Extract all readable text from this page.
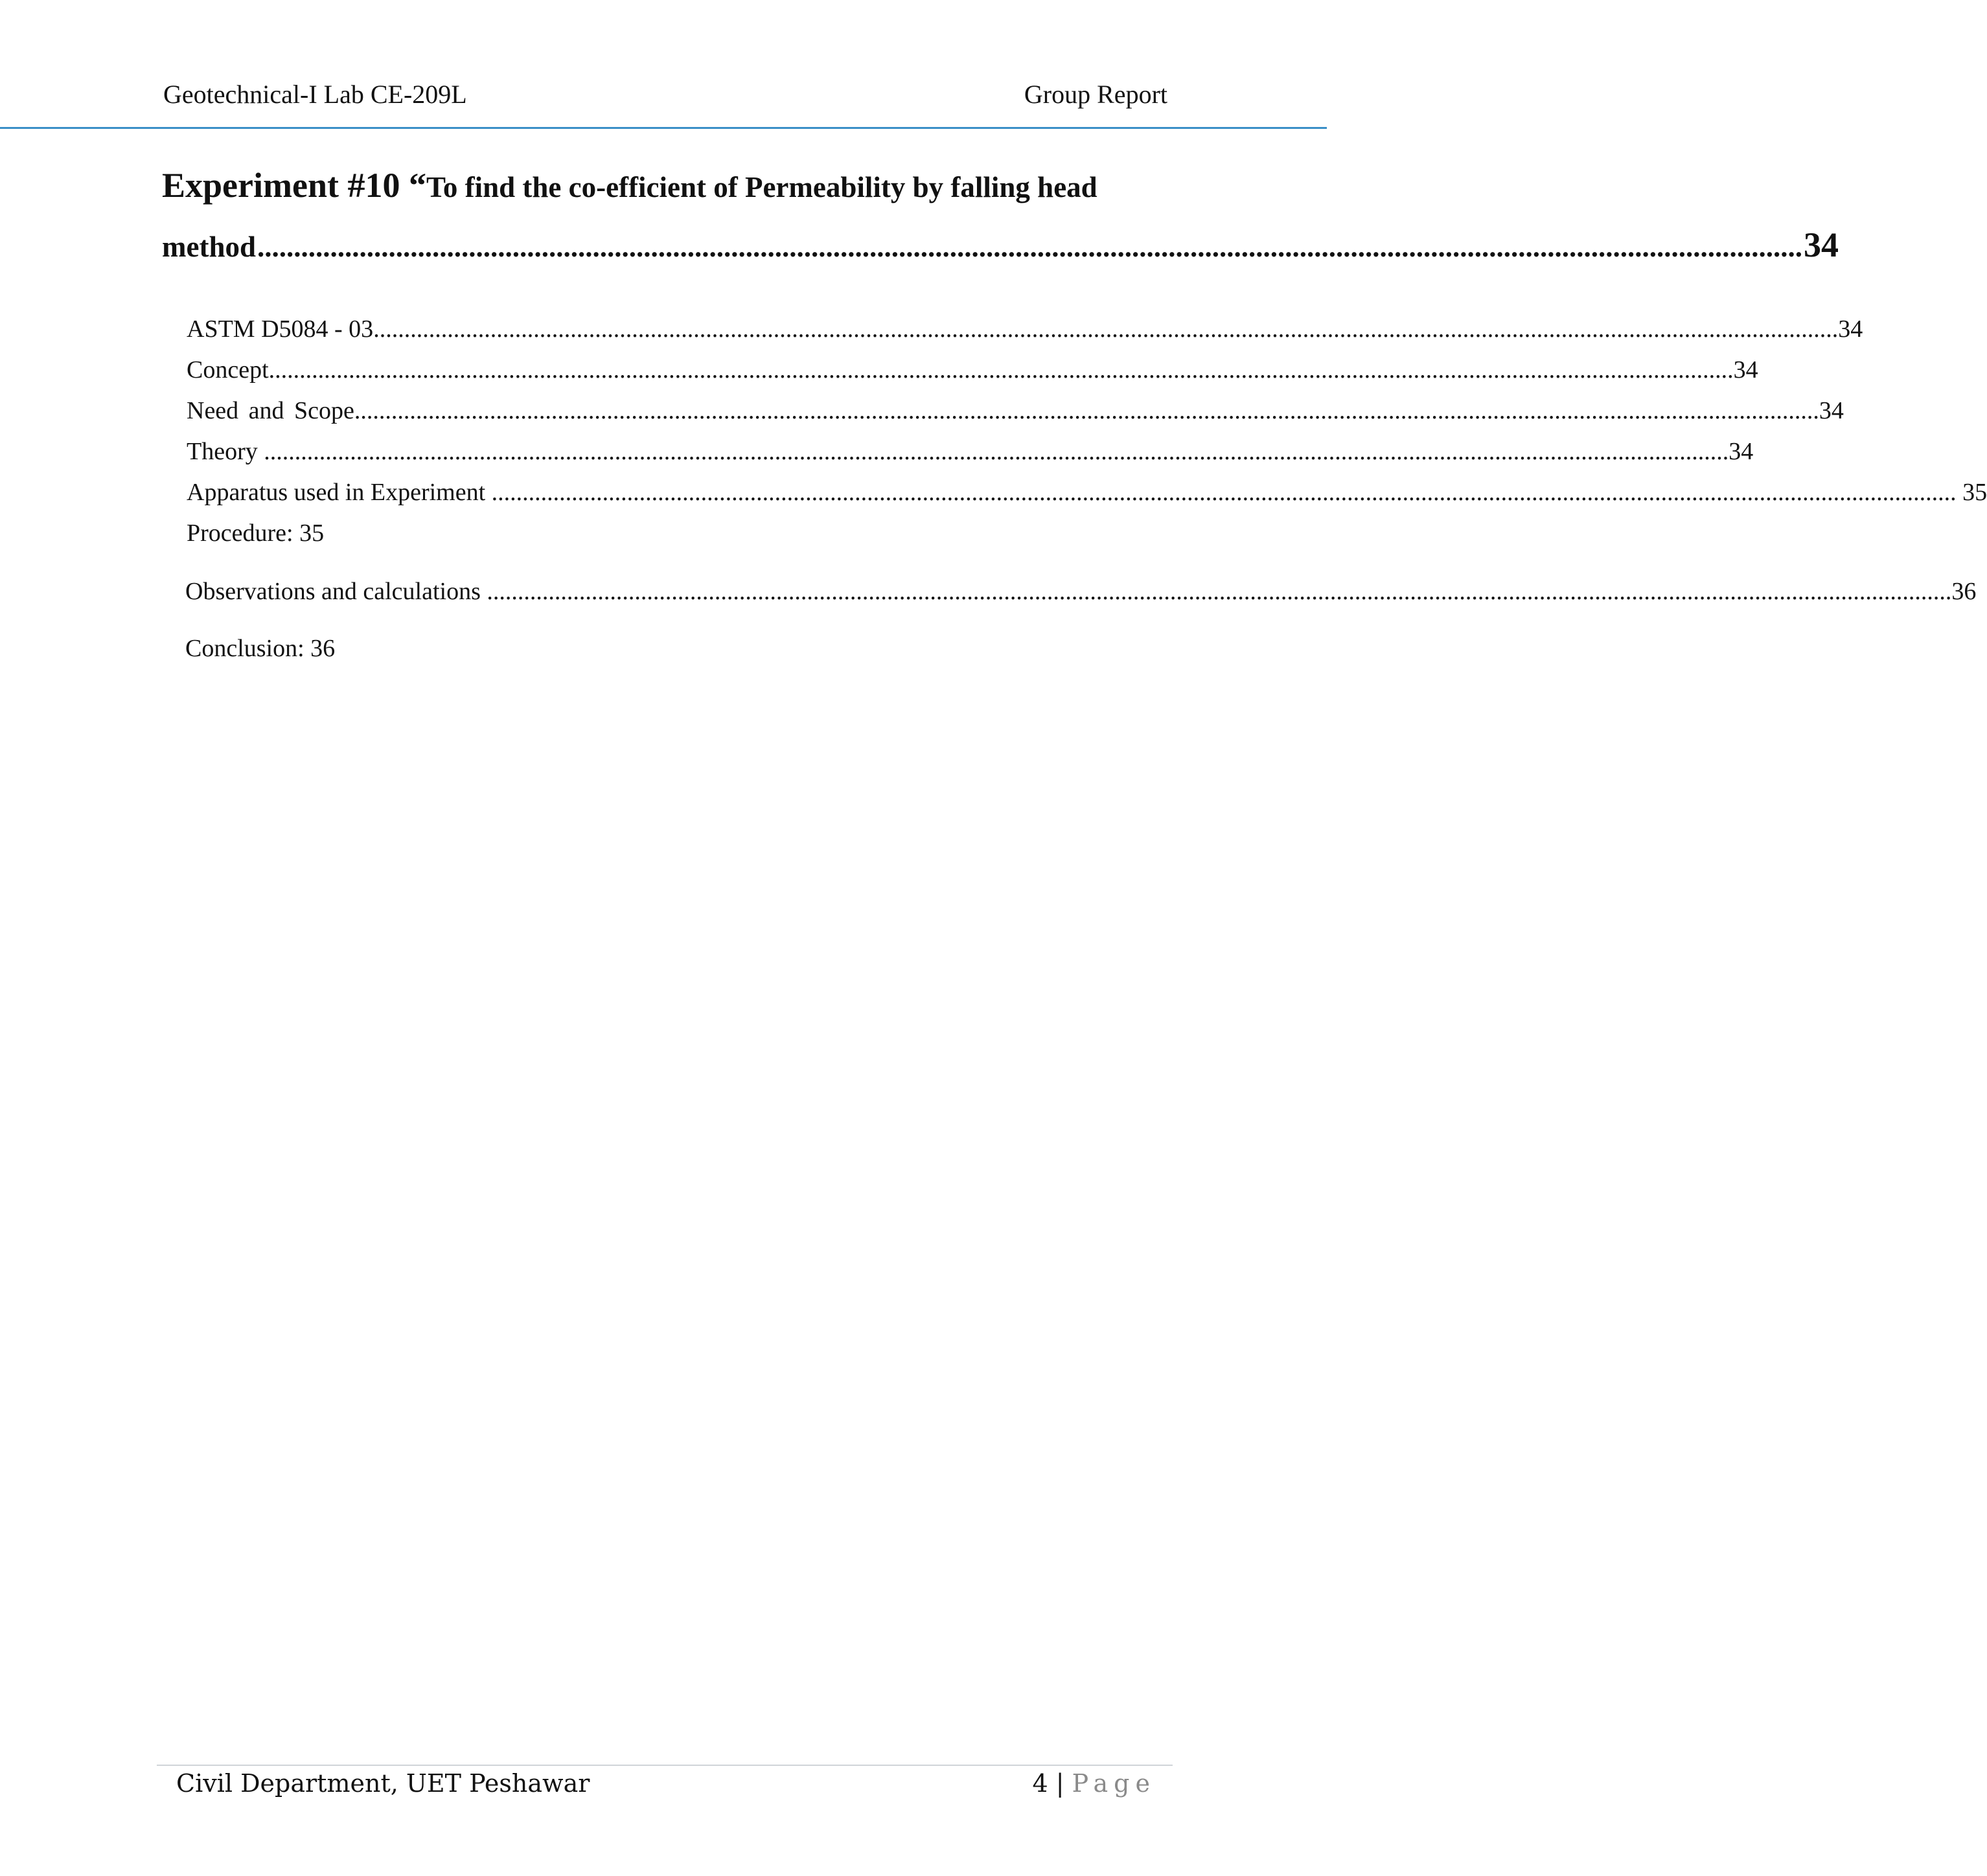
Geotechnical-I Lab CE-209L	Group Report
Experiment #10 “To find the co-efficient of Permeability by falling head
method .................................................................................................................................................................................................................... 34
ASTM D5084 - 03 .............................................................................................................................................................................................................................................. 34
Concept .............................................................................................................................................................................................................................................. 34
Need and Scope .............................................................................................................................................................................................................................................. 34
Theory .............................................................................................................................................................................................................................................. 34
Apparatus used in Experiment .............................................................................................................................................................................................................................................. 35
Procedure: 35
Observations and calculations .............................................................................................................................................................................................................................................. 36
Conclusion: 36
Civil Department, UET Peshawar	4 | Page
